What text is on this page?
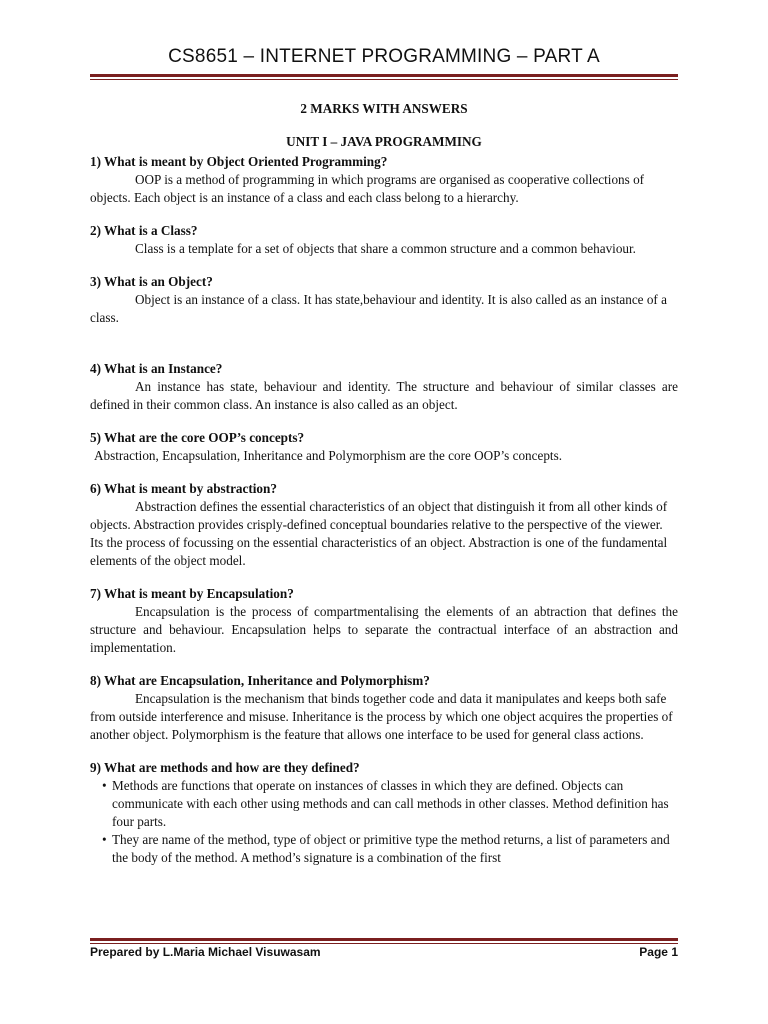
CS8651 – INTERNET PROGRAMMING – PART A
2 MARKS WITH ANSWERS
UNIT I – JAVA PROGRAMMING
1) What is meant by Object Oriented Programming?
OOP is a method of programming in which programs are organised as cooperative collections of objects. Each object is an instance of a class and each class belong to a hierarchy.
2) What is a Class?
Class is a template for a set of objects that share a common structure and a common behaviour.
3) What is an Object?
Object is an instance of a class. It has state,behaviour and identity. It is also called as an instance of a class.
4) What is an Instance?
An instance has state, behaviour and identity. The structure and behaviour of similar classes are defined in their common class. An instance is also called as an object.
5) What are the core OOP’s concepts?
Abstraction, Encapsulation, Inheritance and Polymorphism are the core OOP’s concepts.
6) What is meant by abstraction?
Abstraction defines the essential characteristics of an object that distinguish it from all other kinds of objects. Abstraction provides crisply-defined conceptual boundaries relative to the perspective of the viewer. Its the process of focussing on the essential characteristics of an object. Abstraction is one of the fundamental elements of the object model.
7) What is meant by Encapsulation?
Encapsulation is the process of compartmentalising the elements of an abtraction that defines the structure and behaviour. Encapsulation helps to separate the contractual interface of an abstraction and implementation.
8) What are Encapsulation, Inheritance and Polymorphism?
Encapsulation is the mechanism that binds together code and data it manipulates and keeps both safe from outside interference and misuse. Inheritance is the process by which one object acquires the properties of another object. Polymorphism is the feature that allows one interface to be used for general class actions.
9) What are methods and how are they defined?
• Methods are functions that operate on instances of classes in which they are defined. Objects can communicate with each other using methods and can call methods in other classes. Method definition has four parts.
• They are name of the method, type of object or primitive type the method returns, a list of parameters and the body of the method. A method’s signature is a combination of the first
Prepared by L.Maria Michael Visuwasam	Page 1
